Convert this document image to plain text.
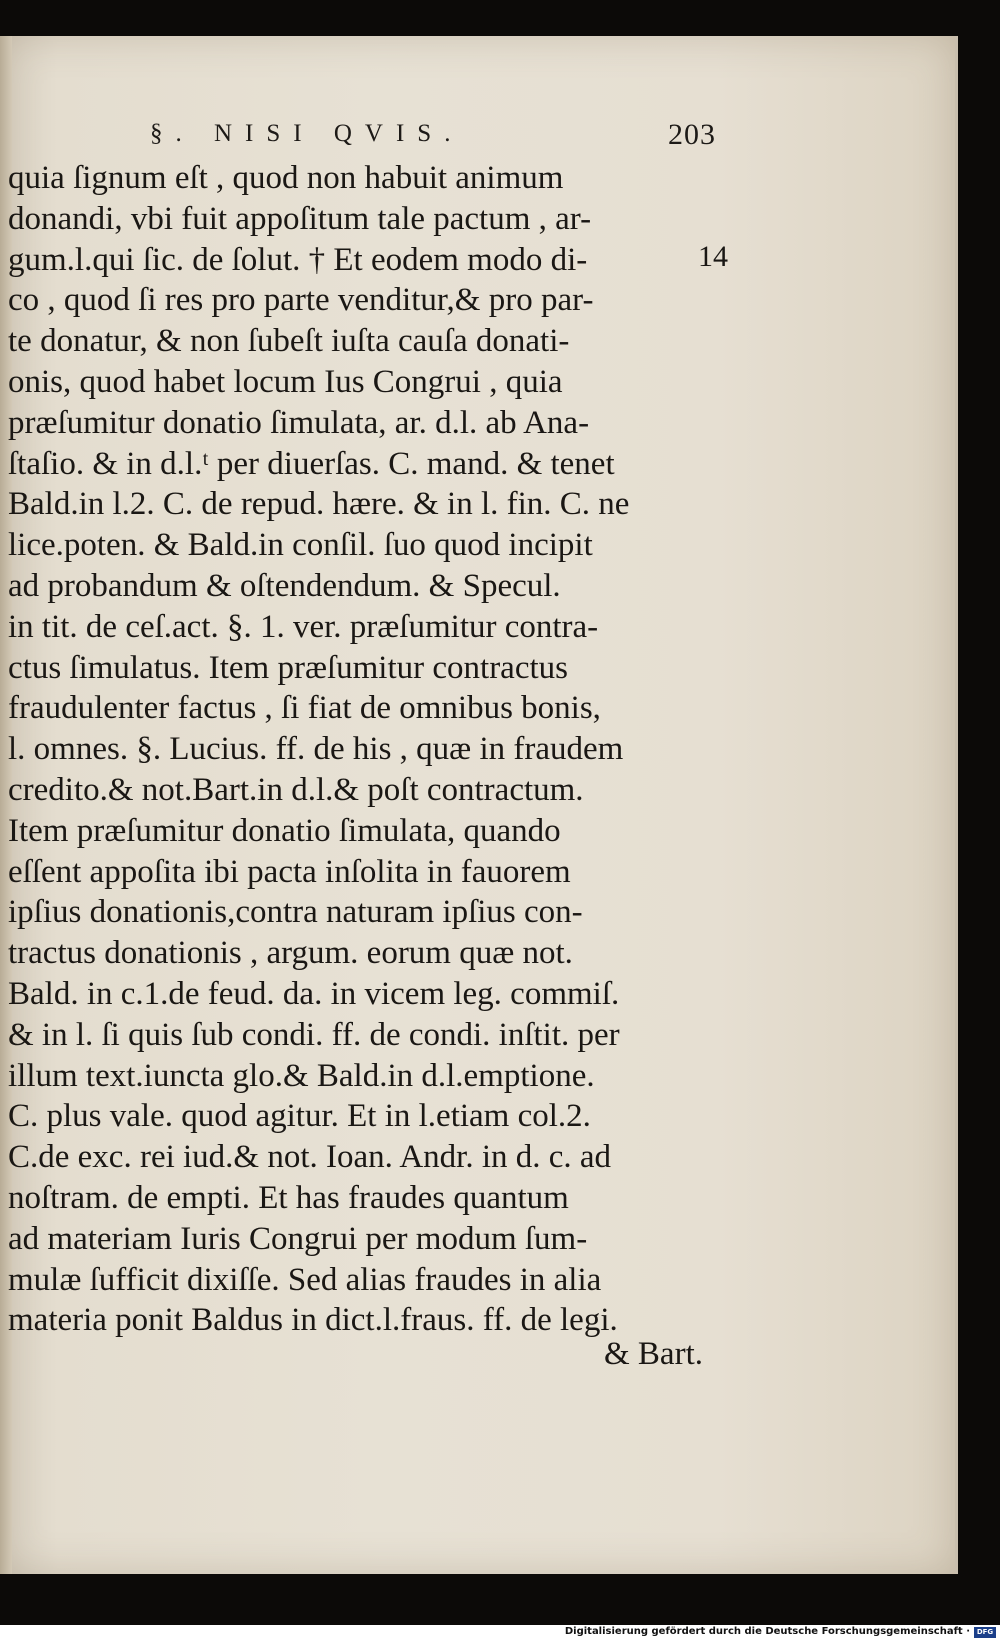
§. NISI QVIS.	203
14
quia ſignum eſt , quod non habuit animum
donandi, vbi fuit appoſitum tale pactum , ar-
gum.l.qui ſic. de ſolut. † Et eodem modo di-
co , quod ſi res pro parte venditur,& pro par-
te donatur, & non ſubeſt iuſta cauſa donati-
onis, quod habet locum Ius Congrui , quia
præſumitur donatio ſimulata, ar. d.l. ab Ana-
ſtaſio. & in d.l.ᵗ per diuerſas. C. mand. & tenet
Bald.in l.2. C. de repud. hære. & in l. fin. C. ne
lice.poten. & Bald.in conſil. ſuo quod incipit
ad probandum & oſtendendum. & Specul.
in tit. de ceſ.act. §. 1. ver. præſumitur contra-
ctus ſimulatus. Item præſumitur contractus
fraudulenter factus , ſi fiat de omnibus bonis,
l. omnes. §. Lucius. ff. de his , quæ in fraudem
credito.& not.Bart.in d.l.& poſt contractum.
Item præſumitur donatio ſimulata, quando
eſſent appoſita ibi pacta inſolita in fauorem
ipſius donationis,contra naturam ipſius con-
tractus donationis , argum. eorum quæ not.
Bald. in c.1.de feud. da. in vicem leg. commiſ.
& in l. ſi quis ſub condi. ff. de condi. inſtit. per
illum text.iuncta glo.& Bald.in d.l.emptione.
C. plus vale. quod agitur. Et in l.etiam col.2.
C.de exc. rei iud.& not. Ioan. Andr. in d. c. ad
noſtram. de empti. Et has fraudes quantum
ad materiam Iuris Congrui per modum ſum-
mulæ ſufficit dixiſſe. Sed alias fraudes in alia
materia ponit Baldus in dict.l.fraus. ff. de legi.
& Bart.
Digitalisierung gefördert durch die Deutsche Forschungsgemeinschaft · DFG
